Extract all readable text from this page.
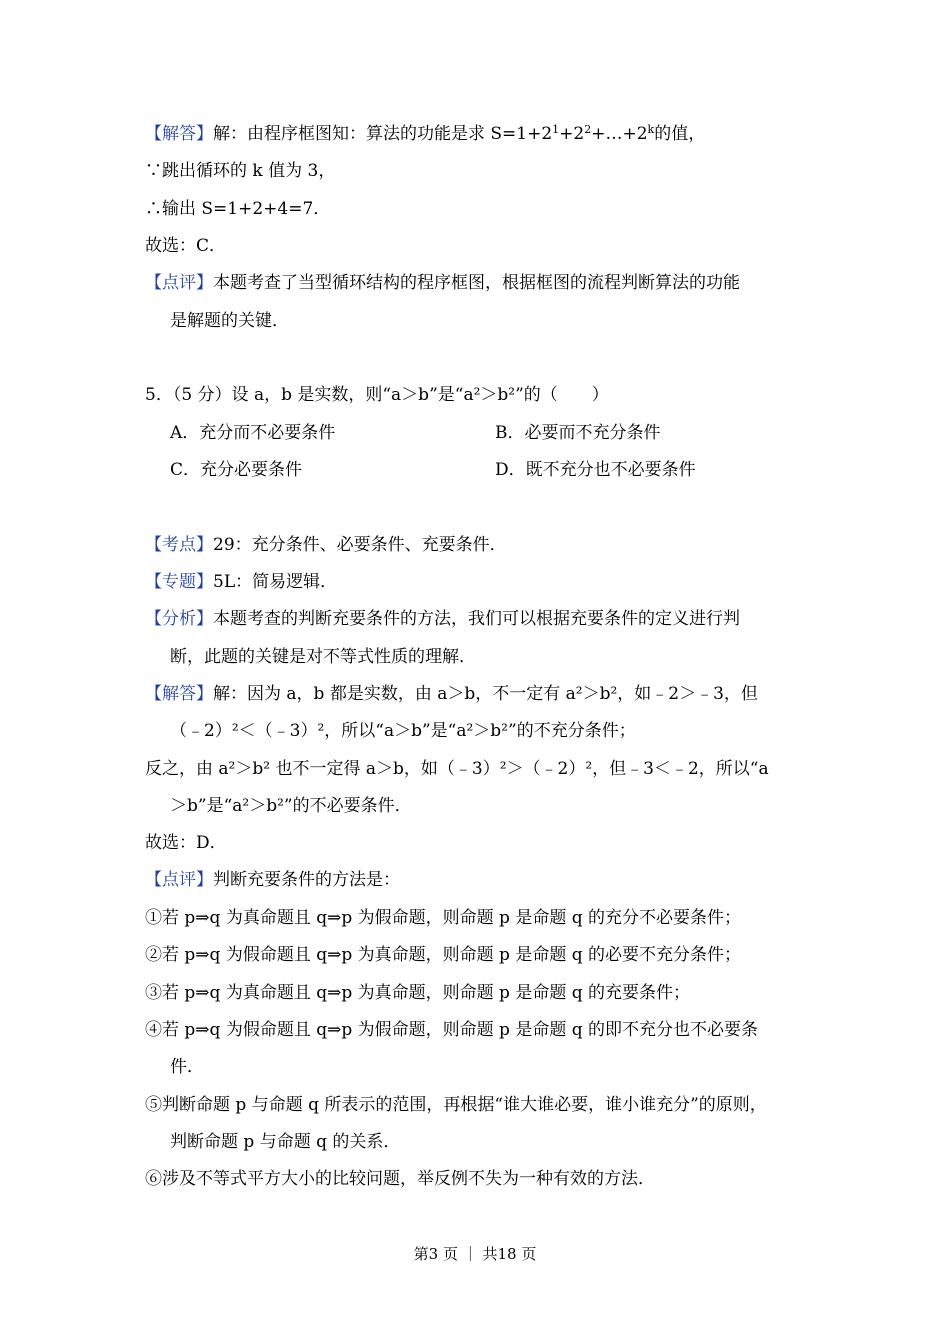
【解答】解：由程序框图知：算法的功能是求 $S=1+2^1+2^2+\dots+2^k$的值，
∵跳出循环的 k 值为 3，
∴输出 S=1+2+4=7．
故选：C．
【点评】本题考查了当型循环结构的程序框图，根据框图的流程判断算法的功能
是解题的关键．
5．（5 分）设 a，b 是实数，则“a＞b”是“a²＞b²”的（　　）
A．充分而不必要条件	B．必要而不充分条件
C．充分必要条件	D．既不充分也不必要条件
【考点】29：充分条件、必要条件、充要条件．
【专题】5L：简易逻辑．
【分析】本题考查的判断充要条件的方法，我们可以根据充要条件的定义进行判
断，此题的关键是对不等式性质的理解．
【解答】解：因为 a，b 都是实数，由 a＞b，不一定有 a²＞b²，如﹣2＞﹣3，但
（﹣2）²＜（﹣3）²，所以“a＞b”是“a²＞b²”的不充分条件；
反之，由 a²＞b² 也不一定得 a＞b，如（﹣3）²＞（﹣2）²，但﹣3＜﹣2，所以“a
＞b”是“a²＞b²”的不必要条件．
故选：D．
【点评】判断充要条件的方法是：
①若 p⇒q 为真命题且 q⇒p 为假命题，则命题 p 是命题 q 的充分不必要条件；
②若 p⇒q 为假命题且 q⇒p 为真命题，则命题 p 是命题 q 的必要不充分条件；
③若 p⇒q 为真命题且 q⇒p 为真命题，则命题 p 是命题 q 的充要条件；
④若 p⇒q 为假命题且 q⇒p 为假命题，则命题 p 是命题 q 的即不充分也不必要条
件．
⑤判断命题 p 与命题 q 所表示的范围，再根据“谁大谁必要，谁小谁充分”的原则，
判断命题 p 与命题 q 的关系．
⑥涉及不等式平方大小的比较问题，举反例不失为一种有效的方法．
第3 页 ｜ 共18 页
